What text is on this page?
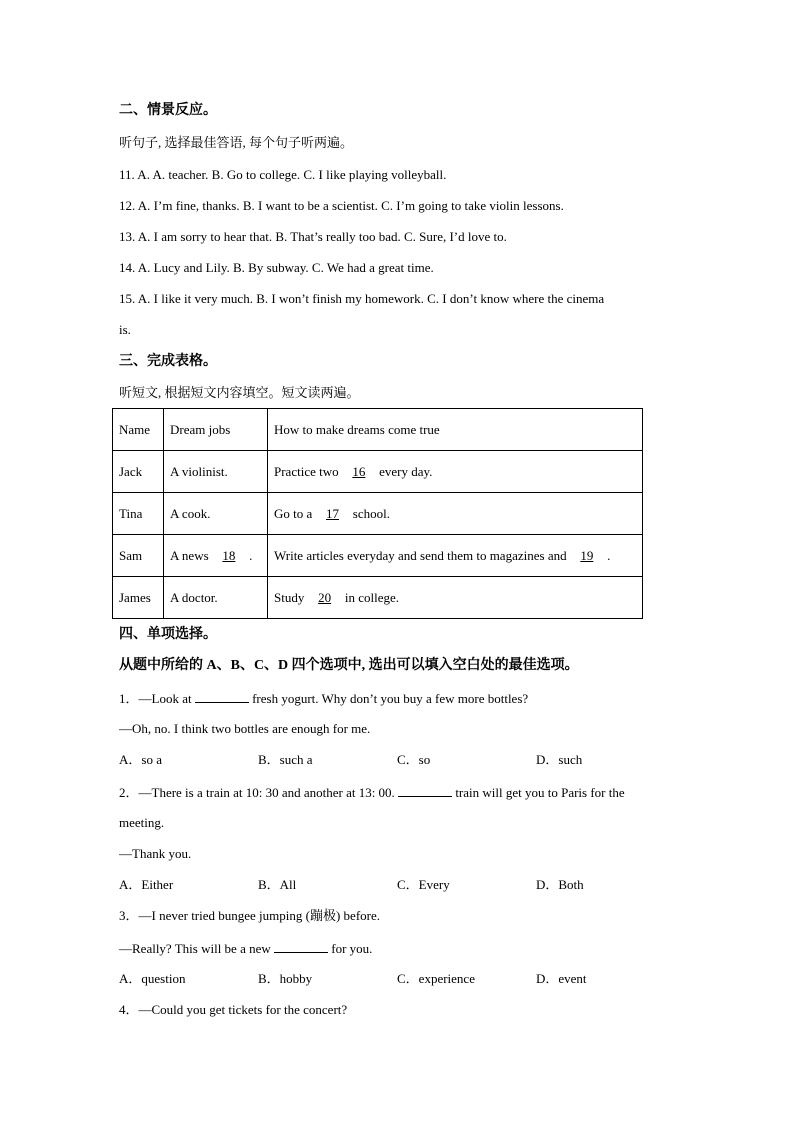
二、情景反应。
听句子, 选择最佳答语, 每个句子听两遍。
11. A. A. teacher. B. Go to college. C. I like playing volleyball.
12. A. I’m fine, thanks. B. I want to be a scientist. C. I’m going to take violin lessons.
13. A. I am sorry to hear that. B. That’s really too bad. C. Sure, I’d love to.
14. A. Lucy and Lily. B. By subway. C. We had a great time.
15. A. I like it very much. B. I won’t finish my homework. C. I don’t know where the cinema
is.
三、完成表格。
听短文, 根据短文内容填空。短文读两遍。
Name	Dream jobs	How to make dreams come true
Jack	A violinist.	Practice two 16 every day.
Tina	A cook.	Go to a 17 school.
Sam	A news 18 .	Write articles everyday and send them to magazines and 19 .
James	A doctor.	Study 20 in college.
四、单项选择。
从题中所给的 A、B、C、D 四个选项中, 选出可以填入空白处的最佳选项。
1．—Look at	fresh yogurt. Why don’t you buy a few more bottles?
—Oh, no. I think two bottles are enough for me.
A．so a	B．such a	C．so	D．such
2．—There is a train at 10: 30 and another at 13: 00.	train will get you to Paris for the
meeting.
—Thank you.
A．Either	B．All	C．Every	D．Both
3．—I never tried bungee jumping (蹦极) before.
—Really? This will be a new	for you.
A．question	B．hobby	C．experience	D．event
4．—Could you get tickets for the concert?
